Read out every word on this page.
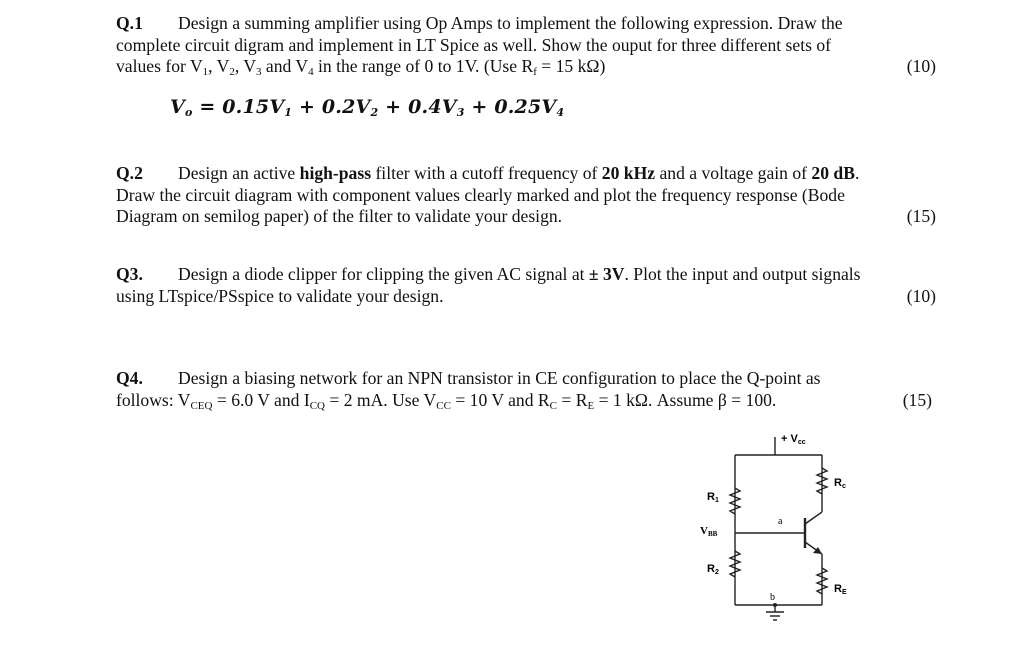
Q.1 Design a summing amplifier using Op Amps to implement the following expression. Draw the
complete circuit digram and implement in LT Spice as well. Show the ouput for three different sets of
values for $V_1$, $V_2$, $V_3$ and $V_4$ in the range of 0 to 1V. (Use $R_f = 15$ kΩ)	(10)
$V_o = 0.15V_1 + 0.2V_2 + 0.4V_3 + 0.25V_4$
Q.2 Design an active high-pass filter with a cutoff frequency of 20 kHz and a voltage gain of 20 dB.
Draw the circuit diagram with component values clearly marked and plot the frequency response (Bode
Diagram on semilog paper) of the filter to validate your design.	(15)
Q3. Design a diode clipper for clipping the given AC signal at ± 3V. Plot the input and output signals
using LTspice/PSspice to validate your design.	(10)
Q4. Design a biasing network for an NPN transistor in CE configuration to place the Q-point as
follows: $V_{CEQ} = 6.0$ V and $I_{CQ} = 2$ mA. Use $V_{CC} = 10$ V and $R_C = R_E = 1$ kΩ. Assume β = 100.	(15)
+ Vcc
R1
Rc
VBB
R2
RE
a
b
